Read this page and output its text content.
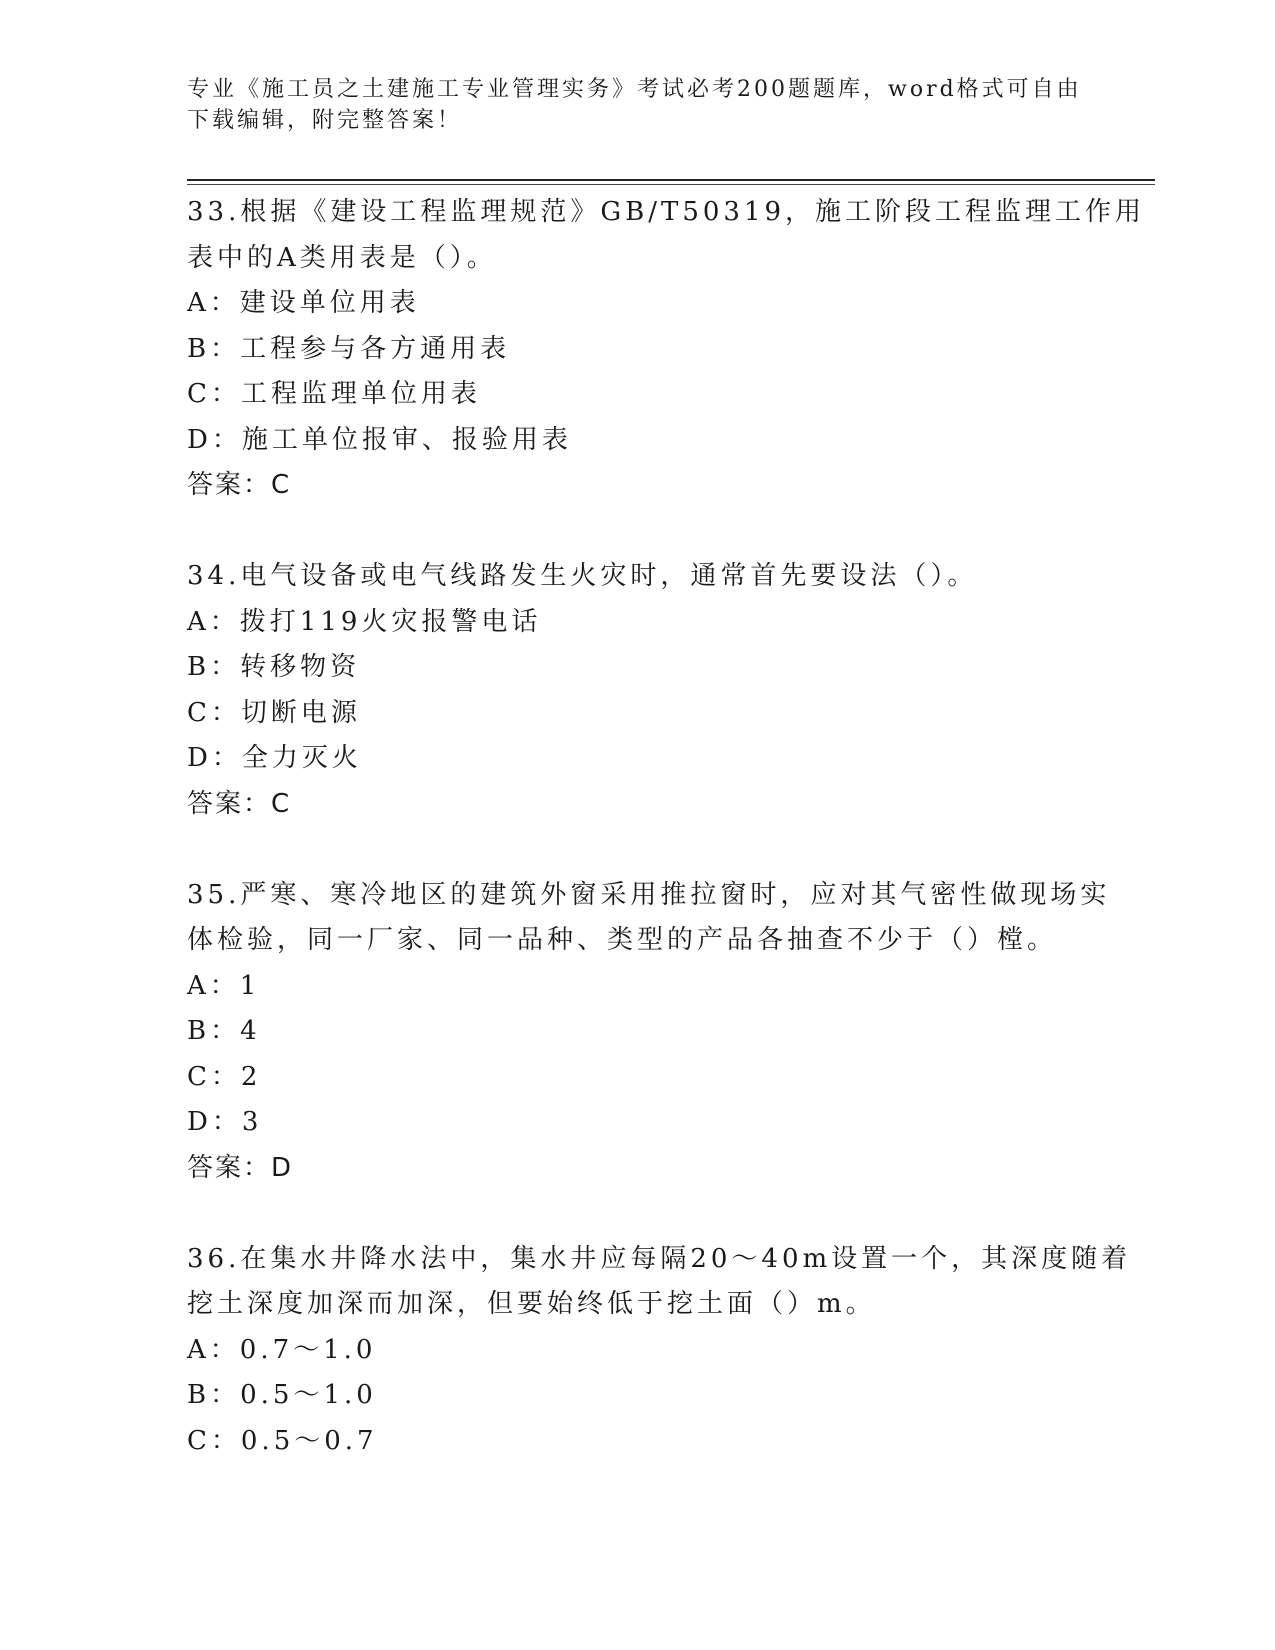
专业《施工员之土建施工专业管理实务》考试必考200题题库，word格式可自由
下载编辑，附完整答案！
33.根据《建设工程监理规范》GB/T50319，施工阶段工程监理工作用
表中的A类用表是（）。
A：建设单位用表
B：工程参与各方通用表
C：工程监理单位用表
D：施工单位报审、报验用表
答案：C
34.电气设备或电气线路发生火灾时，通常首先要设法（）。
A：拨打119火灾报警电话
B：转移物资
C：切断电源
D：全力灭火
答案：C
35.严寒、寒冷地区的建筑外窗采用推拉窗时，应对其气密性做现场实
体检验，同一厂家、同一品种、类型的产品各抽查不少于（）樘。
A：1
B：4
C：2
D：3
答案：D
36.在集水井降水法中，集水井应每隔20～40m设置一个，其深度随着
挖土深度加深而加深，但要始终低于挖土面（）m。
A：0.7～1.0
B：0.5～1.0
C：0.5～0.7
